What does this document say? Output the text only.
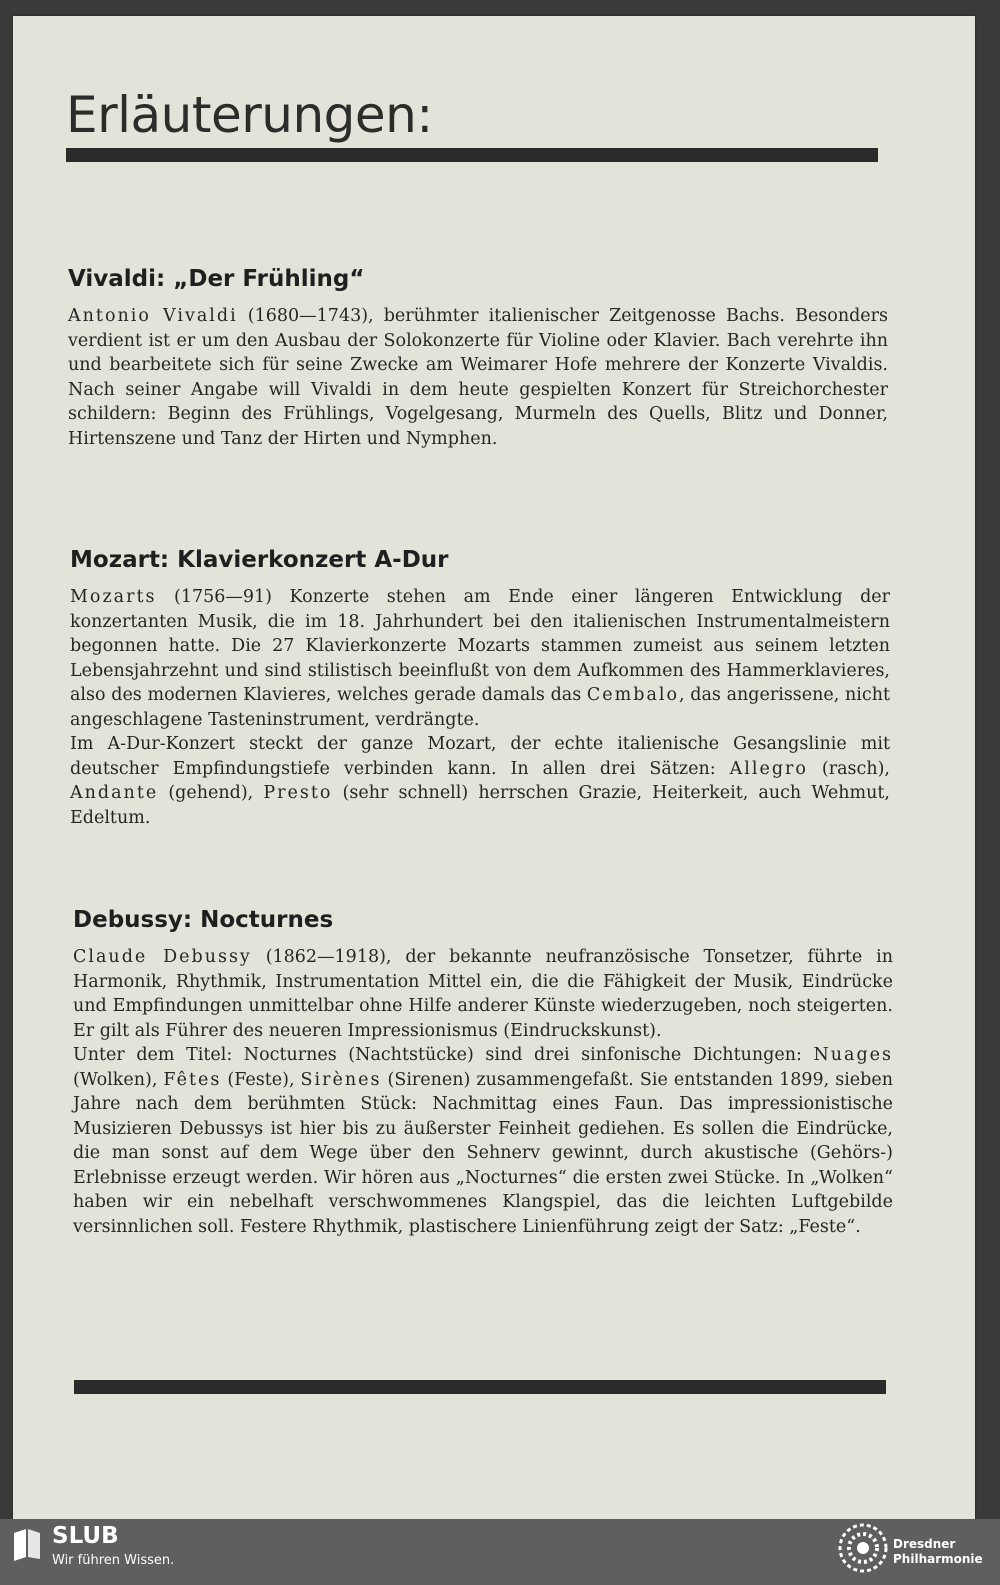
Erläuterungen:
Vivaldi: „Der Frühling“

Antonio Vivaldi (1680—1743), berühmter italienischer Zeitgenosse Bachs. Besonders verdient ist er um den Ausbau der Solokonzerte für Violine oder Klavier. Bach verehrte ihn und bearbeitete sich für seine Zwecke am Weimarer Hofe mehrere der Konzerte Vivaldis. Nach seiner Angabe will Vivaldi in dem heute gespielten Konzert für Streichorchester schildern: Beginn des Frühlings, Vogelgesang, Murmeln des Quells, Blitz und Donner, Hirtenszene und Tanz der Hirten und Nymphen.

Mozart: Klavierkonzert A-Dur

Mozarts (1756—91) Konzerte stehen am Ende einer längeren Entwicklung der konzertanten Musik, die im 18. Jahrhundert bei den italienischen Instrumentalmeistern begonnen hatte. Die 27 Klavierkonzerte Mozarts stammen zumeist aus seinem letzten Lebensjahrzehnt und sind stilistisch beeinflußt von dem Aufkommen des Hammerklavieres, also des modernen Klavieres, welches gerade damals das Cembalo, das angerissene, nicht angeschlagene Tasteninstrument, verdrängte.

Im A-Dur-Konzert steckt der ganze Mozart, der echte italienische Gesangslinie mit deutscher Empfindungstiefe verbinden kann. In allen drei Sätzen: Allegro (rasch), Andante (gehend), Presto (sehr schnell) herrschen Grazie, Heiterkeit, auch Wehmut, Edeltum.

Debussy: Nocturnes

Claude Debussy (1862—1918), der bekannte neufranzösische Tonsetzer, führte in Harmonik, Rhythmik, Instrumentation Mittel ein, die die Fähigkeit der Musik, Eindrücke und Empfindungen unmittelbar ohne Hilfe anderer Künste wiederzugeben, noch steigerten. Er gilt als Führer des neueren Impressionismus (Eindruckskunst).

Unter dem Titel: Nocturnes (Nachtstücke) sind drei sinfonische Dichtungen: Nuages (Wolken), Fêtes (Feste), Sirènes (Sirenen) zusammengefaßt. Sie entstanden 1899, sieben Jahre nach dem berühmten Stück: Nachmittag eines Faun. Das impressionistische Musizieren Debussys ist hier bis zu äußerster Feinheit gediehen. Es sollen die Eindrücke, die man sonst auf dem Wege über den Sehnerv gewinnt, durch akustische (Gehörs-) Erlebnisse erzeugt werden. Wir hören aus „Nocturnes“ die ersten zwei Stücke. In „Wolken“ haben wir ein nebelhaft verschwommenes Klangspiel, das die leichten Luftgebilde versinnlichen soll. Festere Rhythmik, plastischere Linienführung zeigt der Satz: „Feste“.

SLUB
Wir führen Wissen.
Dresdner
Philharmonie
